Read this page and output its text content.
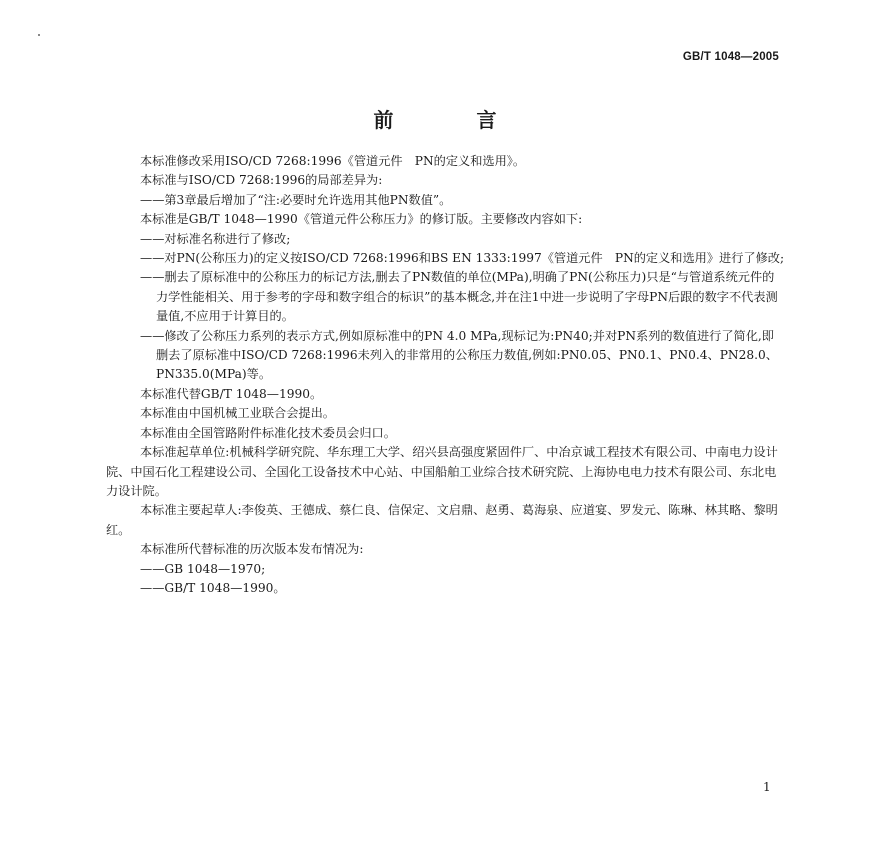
GB/T 1048—2005
前 言

本标准修改采用ISO/CD 7268:1996《管道元件　PN的定义和选用》。

本标准与ISO/CD 7268:1996的局部差异为:

——第3章最后增加了“注:必要时允许选用其他PN数值”。

本标准是GB/T 1048—1990《管道元件公称压力》的修订版。主要修改内容如下:

——对标准名称进行了修改;

——对PN(公称压力)的定义按ISO/CD 7268:1996和BS EN 1333:1997《管道元件　PN的定义和选用》进行了修改;

——删去了原标准中的公称压力的标记方法,删去了PN数值的单位(MPa),明确了PN(公称压力)只是“与管道系统元件的力学性能相关、用于参考的字母和数字组合的标识”的基本概念,并在注1中进一步说明了字母PN后跟的数字不代表测量值,不应用于计算目的。

——修改了公称压力系列的表示方式,例如原标准中的PN 4.0 MPa,现标记为:PN40;并对PN系列的数值进行了简化,即删去了原标准中ISO/CD 7268:1996未列入的非常用的公称压力数值,例如:PN0.05、PN0.1、PN0.4、PN28.0、PN335.0(MPa)等。

本标准代替GB/T 1048—1990。

本标准由中国机械工业联合会提出。

本标准由全国管路附件标准化技术委员会归口。

本标准起草单位:机械科学研究院、华东理工大学、绍兴县高强度紧固件厂、中冶京诚工程技术有限公司、中南电力设计院、中国石化工程建设公司、全国化工设备技术中心站、中国船舶工业综合技术研究院、上海协电电力技术有限公司、东北电力设计院。

本标准主要起草人:李俊英、王德成、蔡仁良、信保定、文启鼎、赵勇、葛海泉、应道宴、罗发元、陈琳、林其略、黎明红。

本标准所代替标准的历次版本发布情况为:

——GB 1048—1970;

——GB/T 1048—1990。

1
